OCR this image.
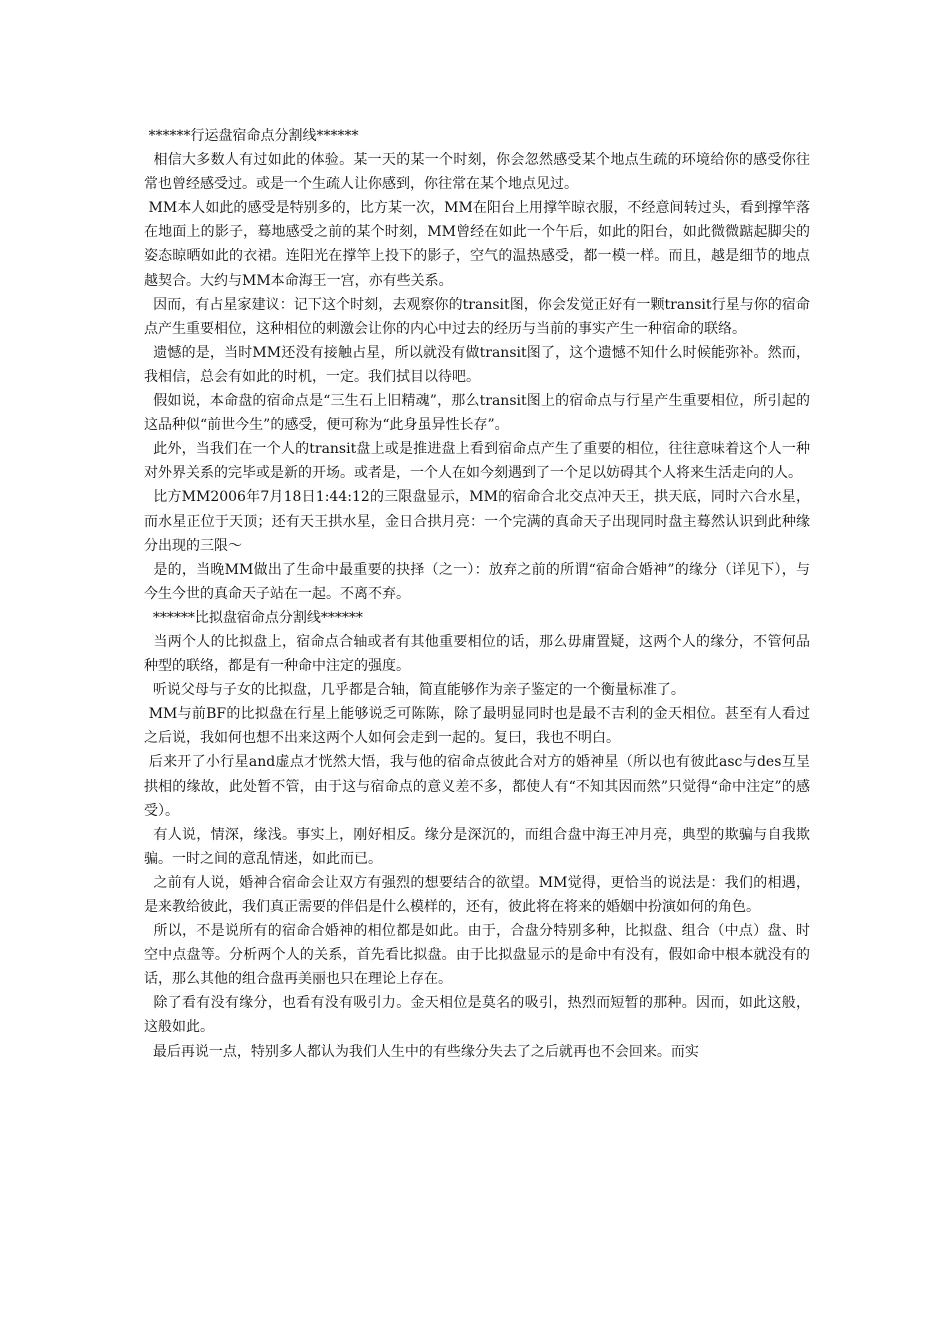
******行运盘宿命点分割线******

相信大多数人有过如此的体验。某一天的某一个时刻，你会忽然感受某个地点生疏的环境给你的感受你往常也曾经感受过。或是一个生疏人让你感到，你往常在某个地点见过。

MM本人如此的感受是特别多的，比方某一次，MM在阳台上用撑竿晾衣服，不经意间转过头，看到撑竿落在地面上的影子，蓦地感受之前的某个时刻，MM曾经在如此一个午后，如此的阳台，如此微微踮起脚尖的姿态晾晒如此的衣裙。连阳光在撑竿上投下的影子，空气的温热感受，都一模一样。而且，越是细节的地点越契合。大约与MM本命海王一宫，亦有些关系。

因而，有占星家建议：记下这个时刻，去观察你的transit图，你会发觉正好有一颗transit行星与你的宿命点产生重要相位，这种相位的刺激会让你的内心中过去的经历与当前的事实产生一种宿命的联络。

遗憾的是，当时MM还没有接触占星，所以就没有做transit图了，这个遗憾不知什么时候能弥补。然而，我相信，总会有如此的时机，一定。我们拭目以待吧。

假如说，本命盘的宿命点是“三生石上旧精魂”，那么transit图上的宿命点与行星产生重要相位，所引起的这品种似“前世今生”的感受，便可称为“此身虽异性长存”。

此外，当我们在一个人的transit盘上或是推进盘上看到宿命点产生了重要的相位，往往意味着这个人一种对外界关系的完毕或是新的开场。或者是，一个人在如今刻遇到了一个足以妨碍其个人将来生活走向的人。

比方MM2006年7月18日1:44:12的三限盘显示，MM的宿命合北交点冲天王，拱天底，同时六合水星，而水星正位于天顶；还有天王拱水星，金日合拱月亮：一个完满的真命天子出现同时盘主蓦然认识到此种缘分出现的三限～

是的，当晚MM做出了生命中最重要的抉择（之一）：放弃之前的所谓“宿命合婚神”的缘分（详见下），与今生今世的真命天子站在一起。不离不弃。

******比拟盘宿命点分割线******

当两个人的比拟盘上，宿命点合轴或者有其他重要相位的话，那么毋庸置疑，这两个人的缘分，不管何品种型的联络，都是有一种命中注定的强度。

听说父母与子女的比拟盘，几乎都是合轴，简直能够作为亲子鉴定的一个衡量标准了。

MM与前BF的比拟盘在行星上能够说乏可陈陈，除了最明显同时也是最不吉利的金天相位。甚至有人看过之后说，我如何也想不出来这两个人如何会走到一起的。复曰，我也不明白。

后来开了小行星and虚点才恍然大悟，我与他的宿命点彼此合对方的婚神星（所以也有彼此asc与des互呈拱相的缘故，此处暂不管，由于这与宿命点的意义差不多，都使人有“不知其因而然”只觉得“命中注定”的感受）。

有人说，情深，缘浅。事实上，刚好相反。缘分是深沉的，而组合盘中海王冲月亮，典型的欺骗与自我欺骗。一时之间的意乱情迷，如此而已。

之前有人说，婚神合宿命会让双方有强烈的想要结合的欲望。MM觉得，更恰当的说法是：我们的相遇，是来教给彼此，我们真正需要的伴侣是什么模样的，还有，彼此将在将来的婚姻中扮演如何的角色。

所以，不是说所有的宿命合婚神的相位都是如此。由于，合盘分特别多种，比拟盘、组合（中点）盘、时空中点盘等。分析两个人的关系，首先看比拟盘。由于比拟盘显示的是命中有没有，假如命中根本就没有的话，那么其他的组合盘再美丽也只在理论上存在。

除了看有没有缘分，也看有没有吸引力。金天相位是莫名的吸引，热烈而短暂的那种。因而，如此这般，这般如此。

最后再说一点，特别多人都认为我们人生中的有些缘分失去了之后就再也不会回来。而实
